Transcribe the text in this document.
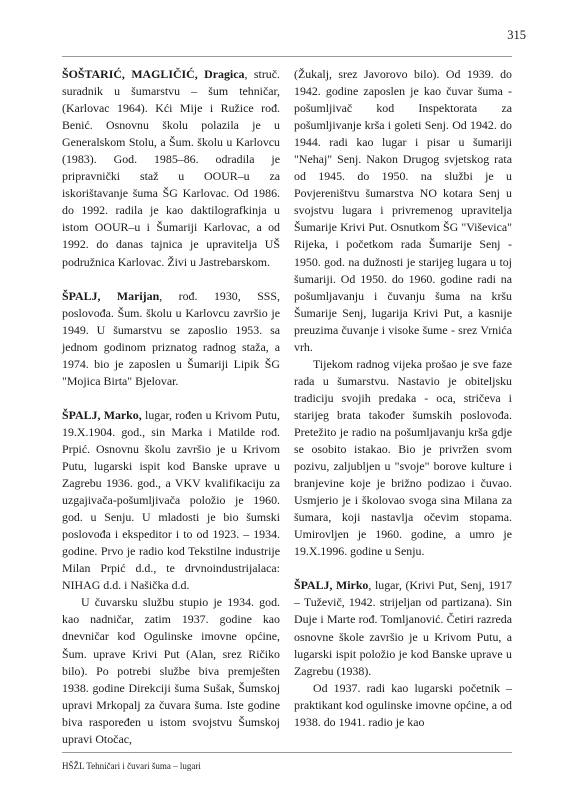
315

ŠOŠTARIĆ, MAGLIČIĆ, Dragica, struč. suradnik u šumarstvu – šum tehničar, (Karlovac 1964). Kći Mije i Ružice rođ. Benić. Osnovnu školu polazila je u Generalskom Stolu, a Šum. školu u Karlovcu (1983). God. 1985–86. odradila je pripravnički staž u OOUR–u za iskorištavanje šuma ŠG Karlovac. Od 1986. do 1992. radila je kao daktilografkinja u istom OOUR–u i Šumariji Karlovac, a od 1992. do danas tajnica je upravitelja UŠ podružnica Karlovac. Živi u Jastrebarskom.

ŠPALJ, Marijan, rođ. 1930, SSS, poslovođa. Šum. školu u Karlovcu završio je 1949. U šumarstvu se zaposlio 1953. sa jednom godinom priznatog radnog staža, a 1974. bio je zaposlen u Šumariji Lipik ŠG "Mojica Birta" Bjelovar.

ŠPALJ, Marko, lugar, rođen u Krivom Putu, 19.X.1904. god., sin Marka i Matilde rođ. Prpić. Osnovnu školu završio je u Krivom Putu, lugarski ispit kod Banske uprave u Zagrebu 1936. god., a VKV kvalifikaciju za uzgajivača-pošumljivača položio je 1960. god. u Senju. U mladosti je bio šumski poslovođa i ekspeditor i to od 1923. – 1934. godine. Prvo je radio kod Tekstilne industrije Milan Prpić d.d., te drvnoindustrijalaca: NIHAG d.d. i Našička d.d.

U čuvarsku službu stupio je 1934. god. kao nadničar, zatim 1937. godine kao dnevničar kod Ogulinske imovne općine, Šum. uprave Krivi Put (Alan, srez Ričiko bilo). Po potrebi službe biva premješten 1938. godine Direkciji šuma Sušak, Šumskoj upravi Mrkopalj za čuvara šuma. Iste godine biva raspoređen u istom svojstvu Šumskoj upravi Otočac,

(Žukalj, srez Javorovo bilo). Od 1939. do 1942. godine zaposlen je kao čuvar šuma - pošumljivač kod Inspektorata za pošumljivanje krša i goleti Senj. Od 1942. do 1944. radi kao lugar i pisar u šumariji "Nehaj" Senj. Nakon Drugog svjetskog rata od 1945. do 1950. na službi je u Povjereništvu šumarstva NO kotara Senj u svojstvu lugara i privremenog upravitelja Šumarije Krivi Put. Osnutkom ŠG "Viševica" Rijeka, i početkom rada Šumarije Senj - 1950. god. na dužnosti je starijeg lugara u toj šumariji. Od 1950. do 1960. godine radi na pošumljavanju i čuvanju šuma na kršu Šumarije Senj, lugarija Krivi Put, a kasnije preuzima čuvanje i visoke šume - srez Vrnića vrh.

Tijekom radnog vijeka prošao je sve faze rada u šumarstvu. Nastavio je obiteljsku tradiciju svojih predaka - oca, stričeva i starijeg brata također šumskih poslovođa. Pretežito je radio na pošumljavanju krša gdje se osobito istakao. Bio je privržen svom pozivu, zaljubljen u "svoje" borove kulture i branjevine koje je brižno podizao i čuvao. Usmjerio je i školovao svoga sina Milana za šumara, koji nastavlja očevim stopama. Umirovljen je 1960. godine, a umro je 19.X.1996. godine u Senju.

ŠPALJ, Mirko, lugar, (Krivi Put, Senj, 1917 – Tuževič, 1942. strijeljan od partizana). Sin Duje i Marte rođ. Tomljanović. Četiri razreda osnovne škole završio je u Krivom Putu, a lugarski ispit položio je kod Banske uprave u Zagrebu (1938).

Od 1937. radi kao lugarski početnik – praktikant kod ogulinske imovne općine, a od 1938. do 1941. radio je kao

HŠŽL Tehničari i čuvari šuma – lugari
